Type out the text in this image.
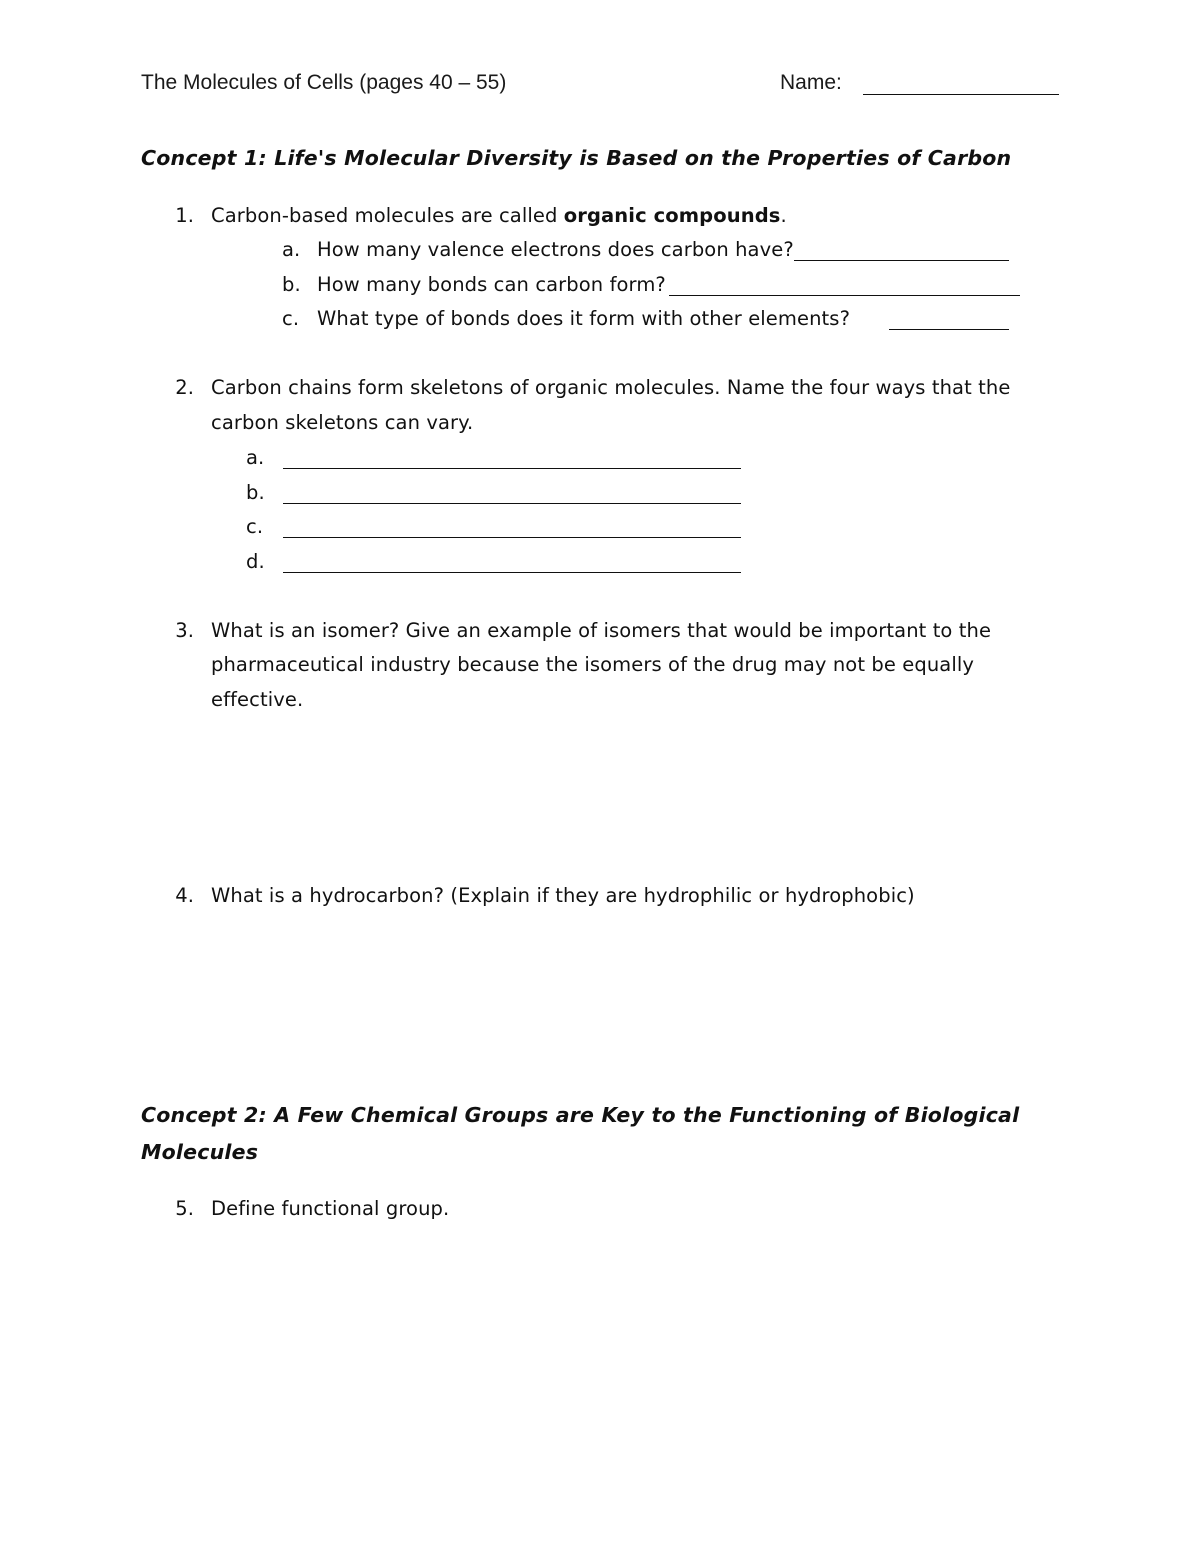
The Molecules of Cells (pages 40 – 55)	Name:
Concept 1: Life's Molecular Diversity is Based on the Properties of Carbon
1. Carbon-based molecules are called organic compounds.
a. How many valence electrons does carbon have?
b. How many bonds can carbon form?
c. What type of bonds does it form with other elements?
2. Carbon chains form skeletons of organic molecules. Name the four ways that the
carbon skeletons can vary.
a.
b.
c.
d.
3. What is an isomer? Give an example of isomers that would be important to the
pharmaceutical industry because the isomers of the drug may not be equally
effective.
4. What is a hydrocarbon? (Explain if they are hydrophilic or hydrophobic)
Concept 2: A Few Chemical Groups are Key to the Functioning of Biological
Molecules
5. Define functional group.
